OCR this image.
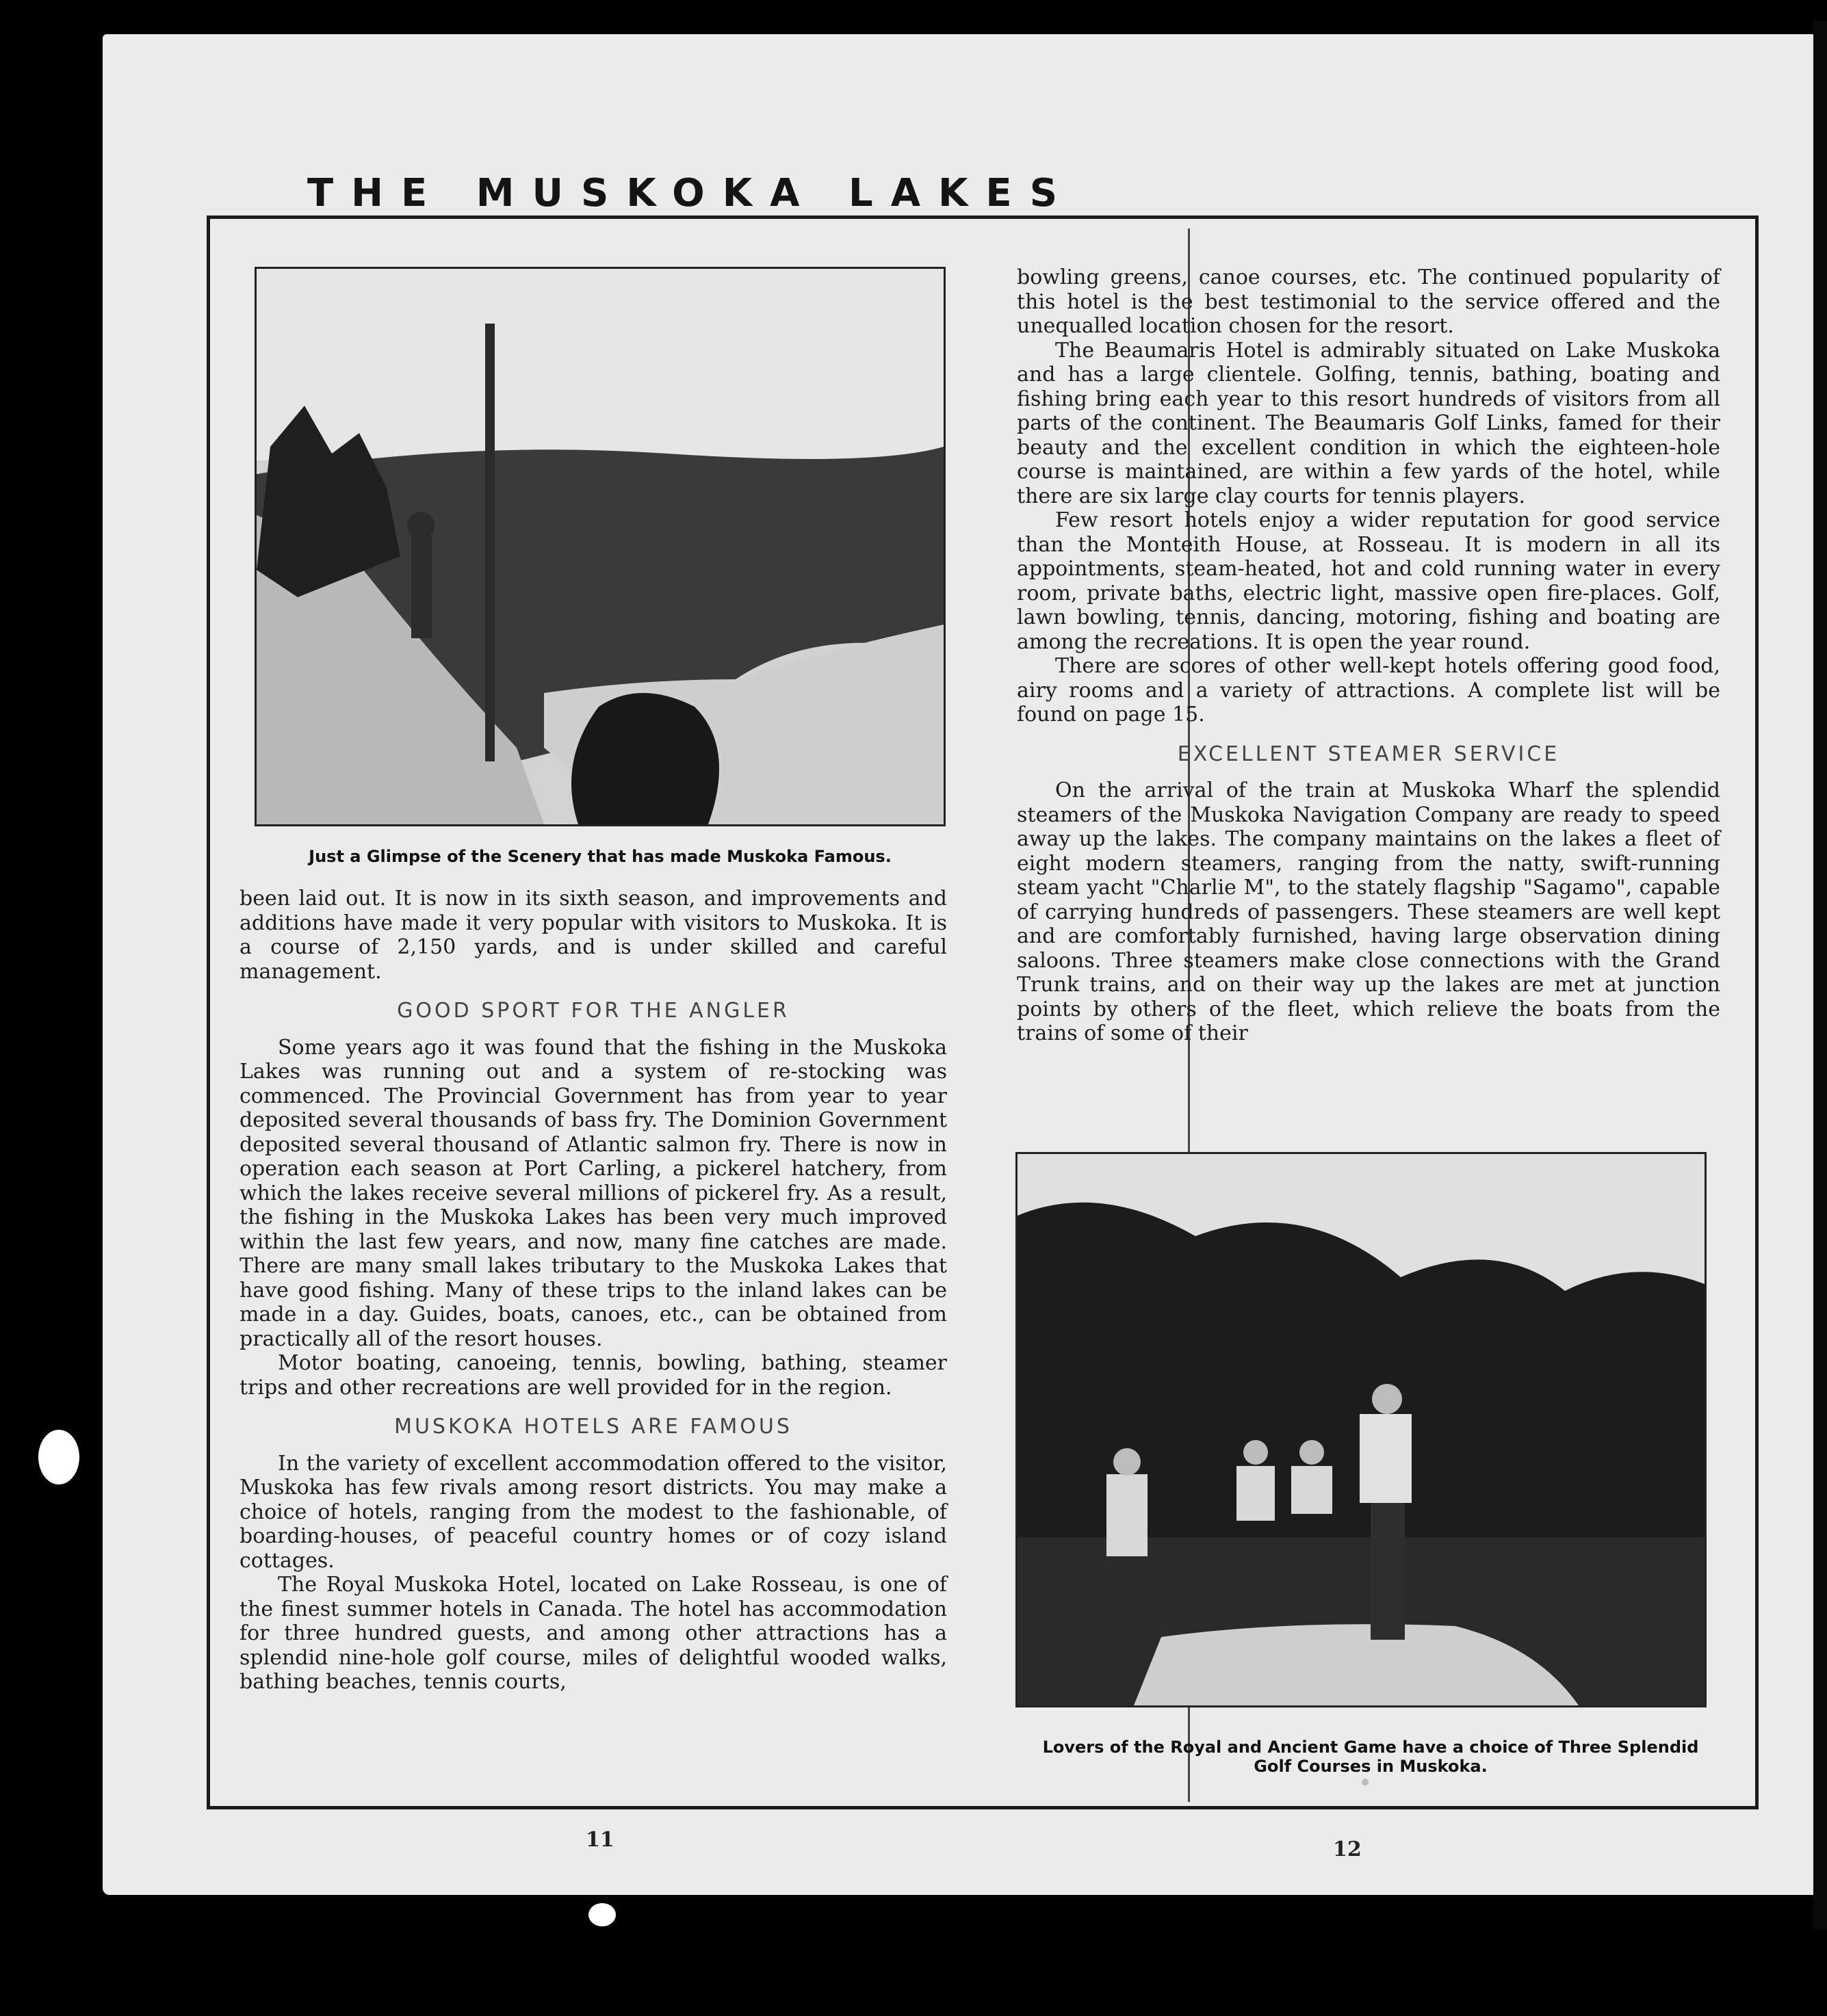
THE MUSKOKA LAKES
Just a Glimpse of the Scenery that has made Muskoka Famous.

been laid out. It is now in its sixth season, and improvements and additions have made it very popular with visitors to Muskoka. It is a course of 2,150 yards, and is under skilled and careful management.

GOOD SPORT FOR THE ANGLER

Some years ago it was found that the fishing in the Muskoka Lakes was running out and a system of re-stocking was commenced. The Provincial Government has from year to year deposited several thousands of bass fry. The Dominion Government deposited several thousand of Atlantic salmon fry. There is now in operation each season at Port Carling, a pickerel hatchery, from which the lakes receive several millions of pickerel fry. As a result, the fishing in the Muskoka Lakes has been very much improved within the last few years, and now, many fine catches are made. There are many small lakes tributary to the Muskoka Lakes that have good fishing. Many of these trips to the inland lakes can be made in a day. Guides, boats, canoes, etc., can be obtained from practically all of the resort houses.

Motor boating, canoeing, tennis, bowling, bathing, steamer trips and other recreations are well provided for in the region.

MUSKOKA HOTELS ARE FAMOUS

In the variety of excellent accommodation offered to the visitor, Muskoka has few rivals among resort districts. You may make a choice of hotels, ranging from the modest to the fashionable, of boarding-houses, of peaceful country homes or of cozy island cottages.

The Royal Muskoka Hotel, located on Lake Rosseau, is one of the finest summer hotels in Canada. The hotel has accommodation for three hundred guests, and among other attractions has a splendid nine-hole golf course, miles of delightful wooded walks, bathing beaches, tennis courts,

bowling greens, canoe courses, etc. The continued popularity of this hotel is the best testimonial to the service offered and the unequalled location chosen for the resort.

The Beaumaris Hotel is admirably situated on Lake Muskoka and has a large clientele. Golfing, tennis, bathing, boating and fishing bring each year to this resort hundreds of visitors from all parts of the continent. The Beaumaris Golf Links, famed for their beauty and the excellent condition in which the eighteen-hole course is maintained, are within a few yards of the hotel, while there are six large clay courts for tennis players.

Few resort hotels enjoy a wider reputation for good service than the Monteith House, at Rosseau. It is modern in all its appointments, steam-heated, hot and cold running water in every room, private baths, electric light, massive open fire-places. Golf, lawn bowling, tennis, dancing, motoring, fishing and boating are among the recreations. It is open the year round.

There are scores of other well-kept hotels offering good food, airy rooms and a variety of attractions. A complete list will be found on page 15.

EXCELLENT STEAMER SERVICE

On the arrival of the train at Muskoka Wharf the splendid steamers of the Muskoka Navigation Company are ready to speed away up the lakes. The company maintains on the lakes a fleet of eight modern steamers, ranging from the natty, swift-running steam yacht "Charlie M", to the stately flagship "Sagamo", capable of carrying hundreds of passengers. These steamers are well kept and are comfortably furnished, having large observation dining saloons. Three steamers make close connections with the Grand Trunk trains, and on their way up the lakes are met at junction points by others of the fleet, which relieve the boats from the trains of some of their

Lovers of the Royal and Ancient Game have a choice of Three Splendid Golf Courses in Muskoka.
11	12
